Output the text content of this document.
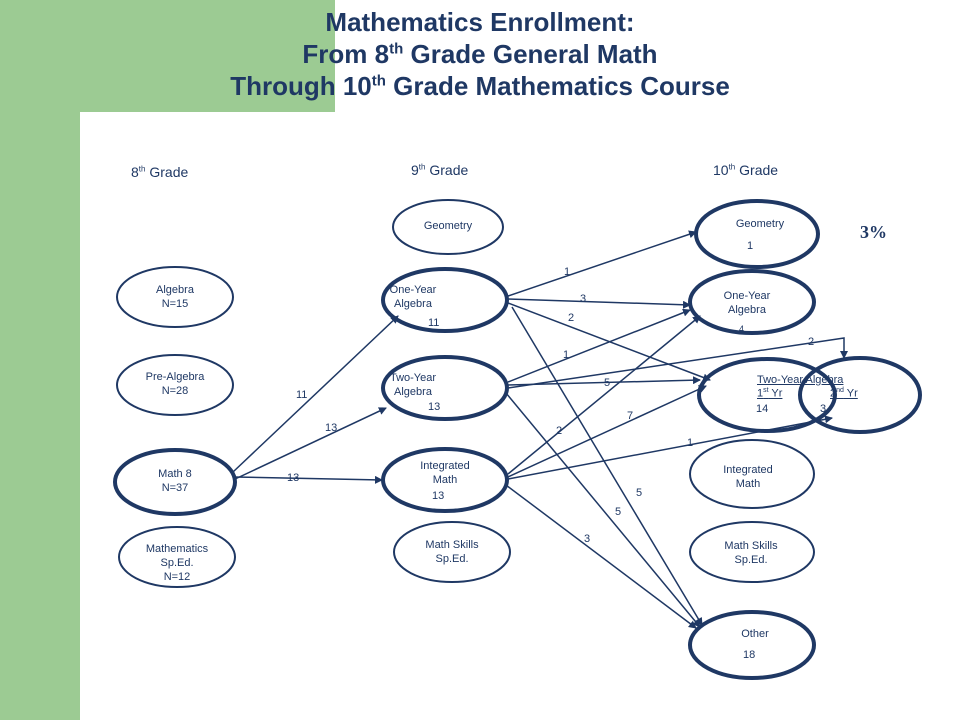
Mathematics Enrollment:
From 8th Grade General Math
Through 10th Grade Mathematics Course
8th Grade	9th Grade	10th Grade
3%
Algebra
N=15
Pre-Algebra
N=28
Math 8
N=37
Mathematics
Sp.Ed.
N=12
Geometry
One-Year
Algebra
11
Two-Year
Algebra
13
Integrated
Math
13
Math Skills
Sp.Ed.
Geometry
1
One-Year
Algebra
4
Two-Year Algebra
1st Yr	2nd Yr
14	3
Integrated
Math
Math Skills
Sp.Ed.
Other
18
11
13
13
1
3
2
1
5
2
7
1
2
5
5
3
